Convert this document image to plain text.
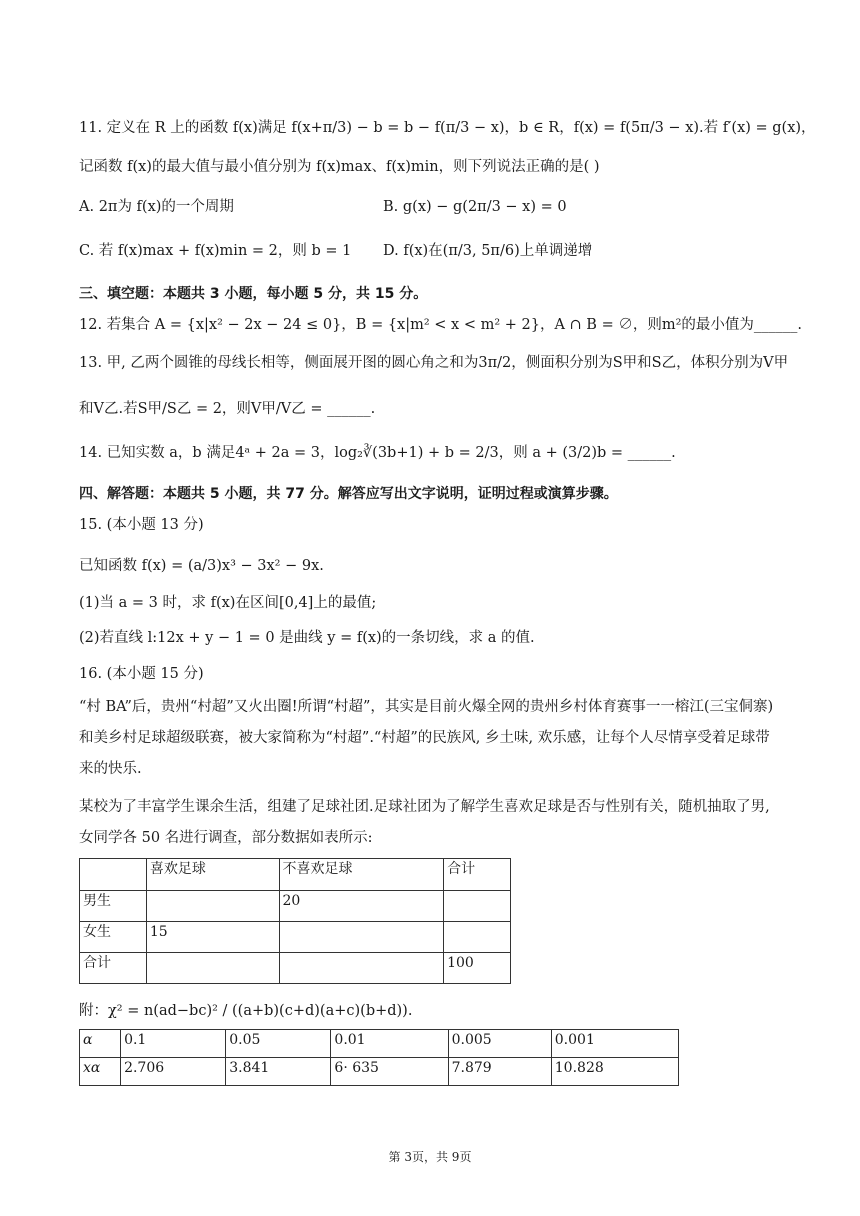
11. 定义在 R 上的函数 f(x)满足 f(x+π/3) − b = b − f(π/3 − x)，b ∈ R，f(x) = f(5π/3 − x).若 f′(x) = g(x)，
记函数 f(x)的最大值与最小值分别为 f(x)max、f(x)min，则下列说法正确的是( )
A. 2π为 f(x)的一个周期	B. g(x) − g(2π/3 − x) = 0
C. 若 f(x)max + f(x)min = 2，则 b = 1 D. f(x)在(π/3, 5π/6)上单调递增
三、填空题：本题共 3 小题，每小题 5 分，共 15 分。
12. 若集合 A = {x|x² − 2x − 24 ≤ 0}，B = {x|m² < x < m² + 2}，A ∩ B = ∅，则m²的最小值为______.
13. 甲, 乙两个圆锥的母线长相等，侧面展开图的圆心角之和为3π/2，侧面积分别为S甲和S乙，体积分别为V甲
和V乙.若S甲/S乙 = 2，则V甲/V乙 = ______.
14. 已知实数 a，b 满足4ᵃ + 2a = 3，log₂∛(3b+1) + b = 2/3，则 a + (3/2)b = ______.
四、解答题：本题共 5 小题，共 77 分。解答应写出文字说明，证明过程或演算步骤。
15. (本小题 13 分)
已知函数 f(x) = (a/3)x³ − 3x² − 9x.
(1)当 a = 3 时，求 f(x)在区间[0,4]上的最值;
(2)若直线 l:12x + y − 1 = 0 是曲线 y = f(x)的一条切线，求 a 的值.
16. (本小题 15 分)
“村 BA”后，贵州“村超”又火出圈!所谓“村超”，其实是目前火爆全网的贵州乡村体育赛事一一榕江(三宝侗寨)和美乡村足球超级联赛，被大家简称为“村超”.“村超”的民族风, 乡土味, 欢乐感，让每个人尽情享受着足球带来的快乐.
某校为了丰富学生课余生活，组建了足球社团.足球社团为了解学生喜欢足球是否与性别有关，随机抽取了男, 女同学各 50 名进行调查，部分数据如表所示:
	喜欢足球	不喜欢足球	合计
男生		20	
女生	15		
合计			100
附：χ² = n(ad−bc)² / ((a+b)(c+d)(a+c)(b+d)).
α	0.1	0.05	0.01	0.005	0.001
xα	2.706	3.841	6· 635	7.879	10.828
第 3页，共 9页
